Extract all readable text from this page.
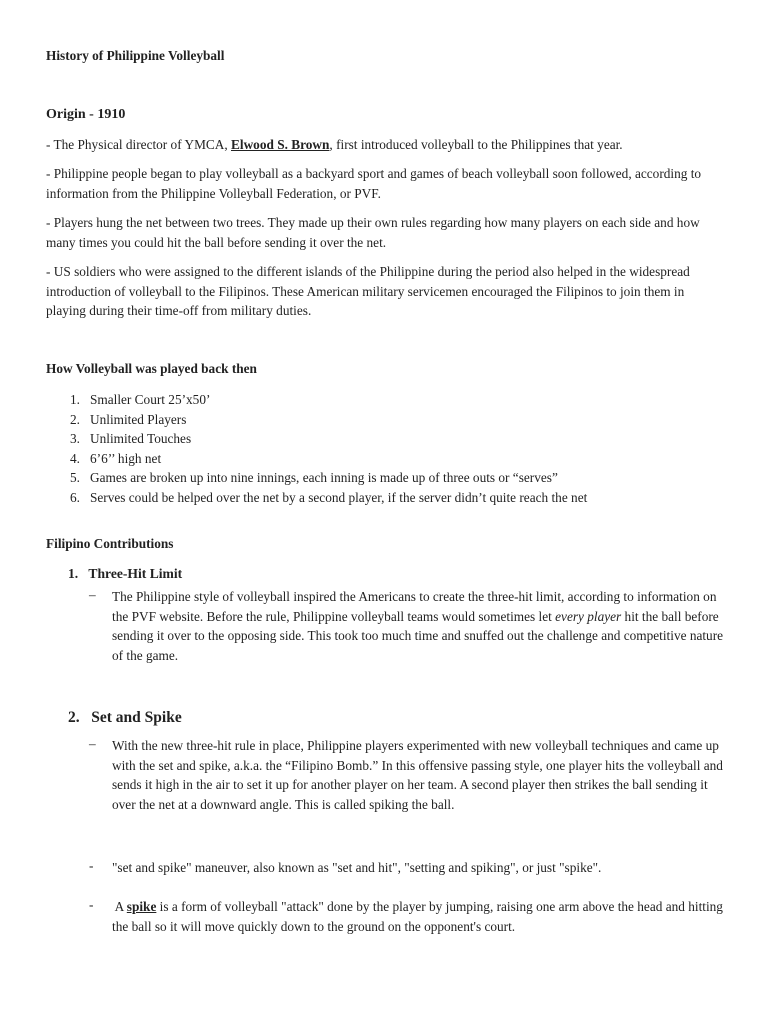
History of Philippine Volleyball

Origin - 1910

- The Physical director of YMCA, Elwood S. Brown, first introduced volleyball to the Philippines that year.

- Philippine people began to play volleyball as a backyard sport and games of beach volleyball soon followed, according to information from the Philippine Volleyball Federation, or PVF.

- Players hung the net between two trees. They made up their own rules regarding how many players on each side and how many times you could hit the ball before sending it over the net.

- US soldiers who were assigned to the different islands of the Philippine during the period also helped in the widespread introduction of volleyball to the Filipinos. These American military servicemen encouraged the Filipinos to join them in playing during their time-off from military duties.

How Volleyball was played back then

1. Smaller Court 25’x50’
2. Unlimited Players
3. Unlimited Touches
4. 6’6’’ high net
5. Games are broken up into nine innings, each inning is made up of three outs or “serves”
6. Serves could be helped over the net by a second player, if the server didn’t quite reach the net

Filipino Contributions

1. Three-Hit Limit

– The Philippine style of volleyball inspired the Americans to create the three-hit limit, according to information on the PVF website. Before the rule, Philippine volleyball teams would sometimes let every player hit the ball before sending it over to the opposing side. This took too much time and snuffed out the challenge and competitive nature of the game.

2. Set and Spike

– With the new three-hit rule in place, Philippine players experimented with new volleyball techniques and came up with the set and spike, a.k.a. the “Filipino Bomb.” In this offensive passing style, one player hits the volleyball and sends it high in the air to set it up for another player on her team. A second player then strikes the ball sending it over the net at a downward angle. This is called spiking the ball.

- "set and spike" maneuver, also known as "set and hit", "setting and spiking", or just "spike".

- A spike is a form of volleyball "attack" done by the player by jumping, raising one arm above the head and hitting the ball so it will move quickly down to the ground on the opponent's court.
